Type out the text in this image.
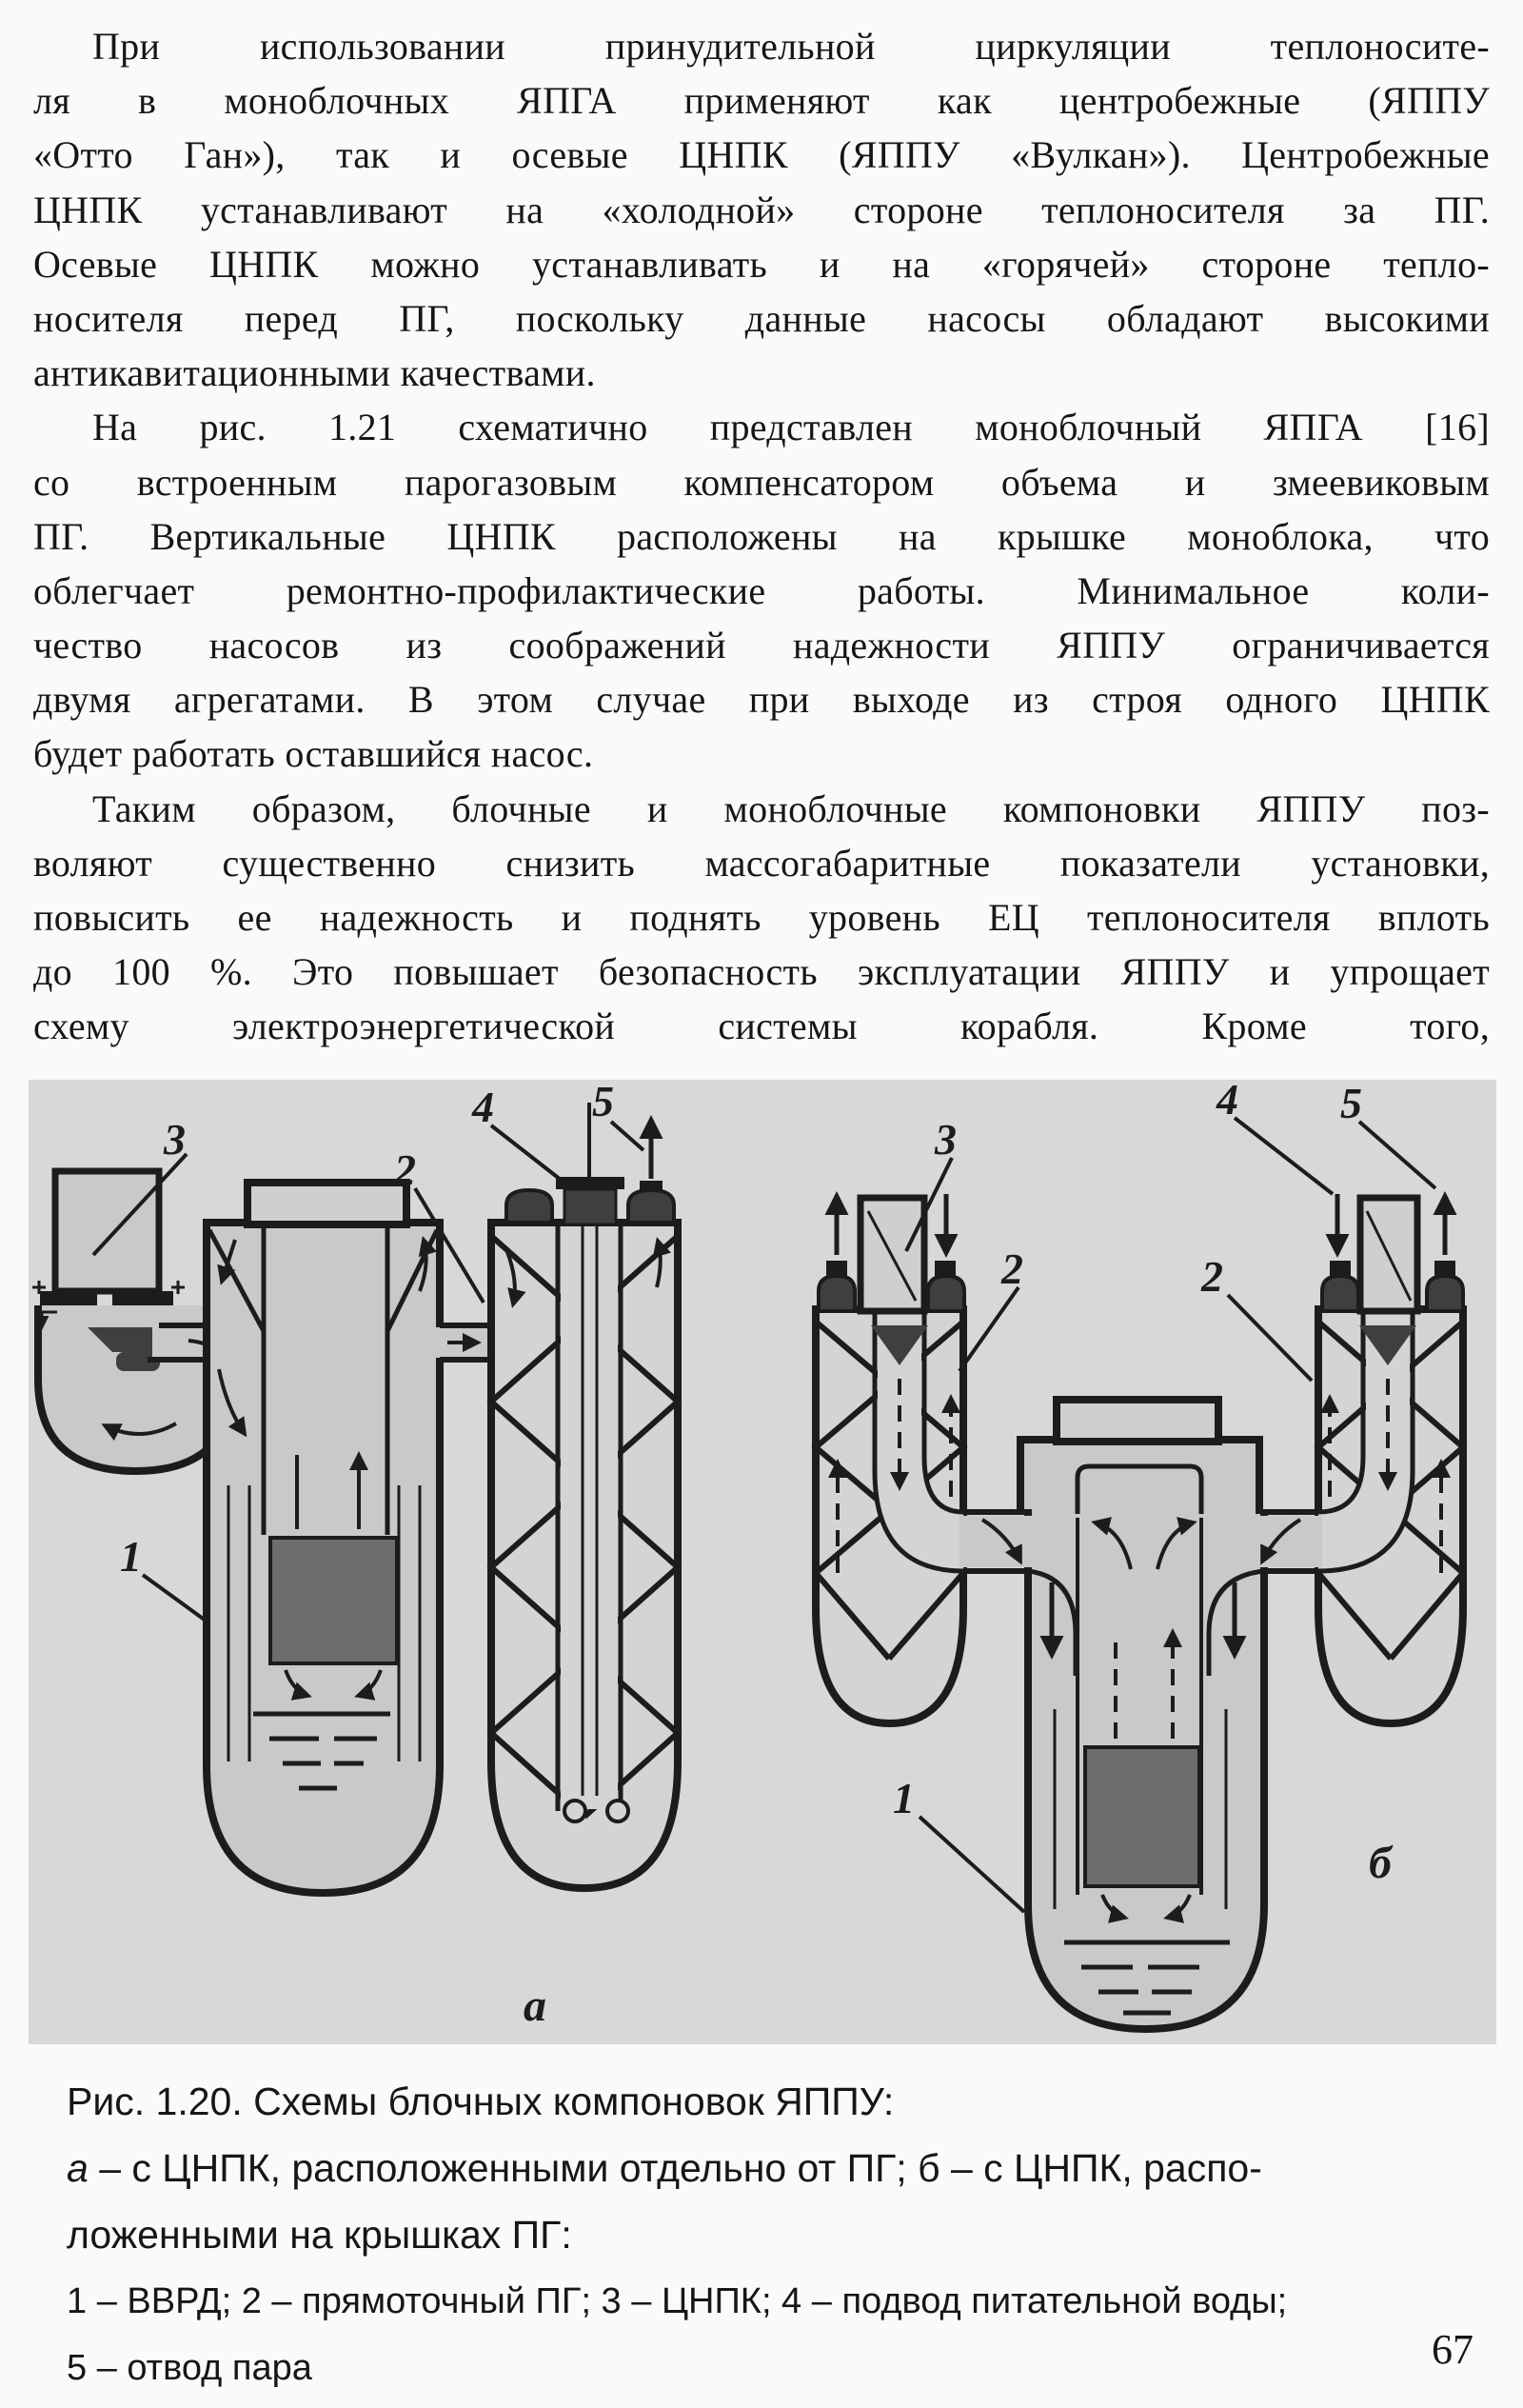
При использовании принудительной циркуляции теплоносите-
ля в моноблочных ЯПГА применяют как центробежные (ЯППУ
«Отто Ган»), так и осевые ЦНПК (ЯППУ «Вулкан»). Центробежные
ЦНПК устанавливают на «холодной» стороне теплоносителя за ПГ.
Осевые ЦНПК можно устанавливать и на «горячей» стороне тепло-
носителя перед ПГ, поскольку данные насосы обладают высокими
антикавитационными качествами.
На рис. 1.21 схематично представлен моноблочный ЯПГА [16]
со встроенным парогазовым компенсатором объема и змеевиковым
ПГ. Вертикальные ЦНПК расположены на крышке моноблока, что
облегчает ремонтно-профилактические работы. Минимальное коли-
чество насосов из соображений надежности ЯППУ ограничивается
двумя агрегатами. В этом случае при выходе из строя одного ЦНПК
будет работать оставшийся насос.
Таким образом, блочные и моноблочные компоновки ЯППУ поз-
воляют существенно снизить массогабаритные показатели установки,
повысить ее надежность и поднять уровень ЕЦ теплоносителя вплоть
до 100 %. Это повышает безопасность эксплуатации ЯППУ и упрощает
схему электроэнергетической системы корабля. Кроме того,
3
2
4 5
1
а
3
2	2
4 5
1
б
Рис. 1.20. Схемы блочных компоновок ЯППУ:
а – с ЦНПК, расположенными отдельно от ПГ; б – с ЦНПК, распо-
ложенными на крышках ПГ:
1 – ВВРД; 2 – прямоточный ПГ; 3 – ЦНПК; 4 – подвод питательной воды;
5 – отвод пара	67
